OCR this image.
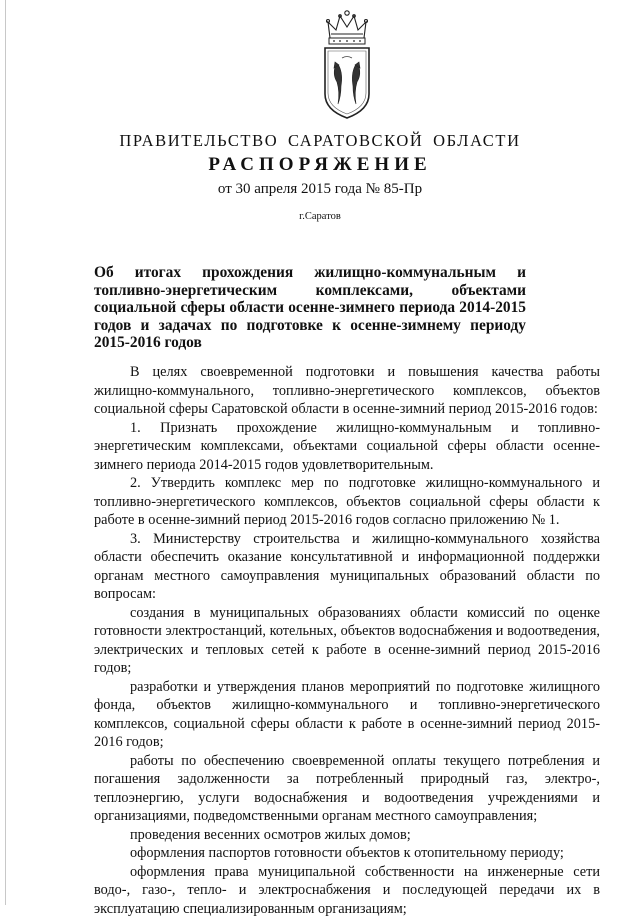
ПРАВИТЕЛЬСТВО САРАТОВСКОЙ ОБЛАСТИ
РАСПОРЯЖЕНИЕ
от 30 апреля 2015 года № 85-Пр
г.Саратов

Об итогах прохождения жилищно-коммунальным и топливно-энергетическим комплексами, объектами социальной сферы области осенне-зимнего периода 2014-2015 годов и задачах по подготовке к осенне-зимнему периоду 2015-2016 годов

В целях своевременной подготовки и повышения качества работы жилищно-коммунального, топливно-энергетического комплексов, объектов социальной сферы Саратовской области в осенне-зимний период 2015-2016 годов:

1. Признать прохождение жилищно-коммунальным и топливно-энергетическим комплексами, объектами социальной сферы области осенне-зимнего периода 2014-2015 годов удовлетворительным.

2. Утвердить комплекс мер по подготовке жилищно-коммунального и топливно-энергетического комплексов, объектов социальной сферы области к работе в осенне-зимний период 2015-2016 годов согласно приложению № 1.

3. Министерству строительства и жилищно-коммунального хозяйства области обеспечить оказание консультативной и информационной поддержки органам местного самоуправления муниципальных образований области по вопросам:

создания в муниципальных образованиях области комиссий по оценке готовности электростанций, котельных, объектов водоснабжения и водоотведения, электрических и тепловых сетей к работе в осенне-зимний период 2015-2016 годов;

разработки и утверждения планов мероприятий по подготовке жилищного фонда, объектов жилищно-коммунального и топливно-энергетического комплексов, социальной сферы области к работе в осенне-зимний период 2015-2016 годов;

работы по обеспечению своевременной оплаты текущего потребления и погашения задолженности за потребленный природный газ, электро-, теплоэнергию, услуги водоснабжения и водоотведения учреждениями и организациями, подведомственными органам местного самоуправления;

проведения весенних осмотров жилых домов;

оформления паспортов готовности объектов к отопительному периоду;

оформления права муниципальной собственности на инженерные сети водо-, газо-, тепло- и электроснабжения и последующей передачи их в эксплуатацию специализированным организациям;
